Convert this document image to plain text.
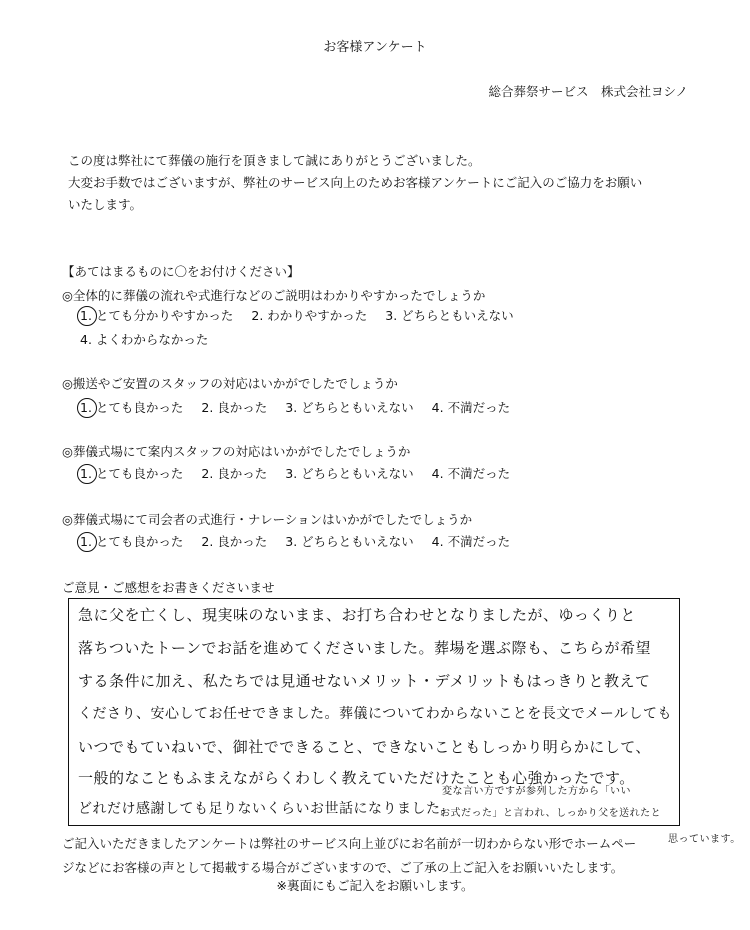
お客様アンケート
総合葬祭サービス　株式会社ヨシノ
この度は弊社にて葬儀の施行を頂きまして誠にありがとうございました。
大変お手数ではございますが、弊社のサービス向上のためお客様アンケートにご記入のご協力をお願い
いたします。
【あてはまるものに〇をお付けください】
◎全体的に葬儀の流れや式進行などのご説明はわかりやすかったでしょうか
1. とても分かりやすかった 2. わかりやすかった 3. どちらともいえない
4. よくわからなかった
◎搬送やご安置のスタッフの対応はいかがでしたでしょうか
1. とても良かった 2. 良かった 3. どちらともいえない 4. 不満だった
◎葬儀式場にて案内スタッフの対応はいかがでしたでしょうか
1. とても良かった 2. 良かった 3. どちらともいえない 4. 不満だった
◎葬儀式場にて司会者の式進行・ナレーションはいかがでしたでしょうか
1. とても良かった 2. 良かった 3. どちらともいえない 4. 不満だった
ご意見・ご感想をお書きくださいませ
急に父を亡くし、現実味のないまま、お打ち合わせとなりましたが、ゆっくりと
落ちついたトーンでお話を進めてくださいました。葬場を選ぶ際も、こちらが希望
する条件に加え、私たちでは見通せないメリット・デメリットもはっきりと教えて
くださり、安心してお任せできました。葬儀についてわからないことを長文でメールしても
いつでもていねいで、御社でできること、できないこともしっかり明らかにして、
一般的なこともふまえながらくわしく教えていただけたことも心強かったです。
どれだけ感謝しても足りないくらいお世話になりました。
変な言い方ですが参列した方から「いい
お式だった」と言われ、しっかり父を送れたと
思っています。
ご記入いただきましたアンケートは弊社のサービス向上並びにお名前が一切わからない形でホームペー
ジなどにお客様の声として掲載する場合がございますので、ご了承の上ご記入をお願いいたします。
※裏面にもご記入をお願いします。
